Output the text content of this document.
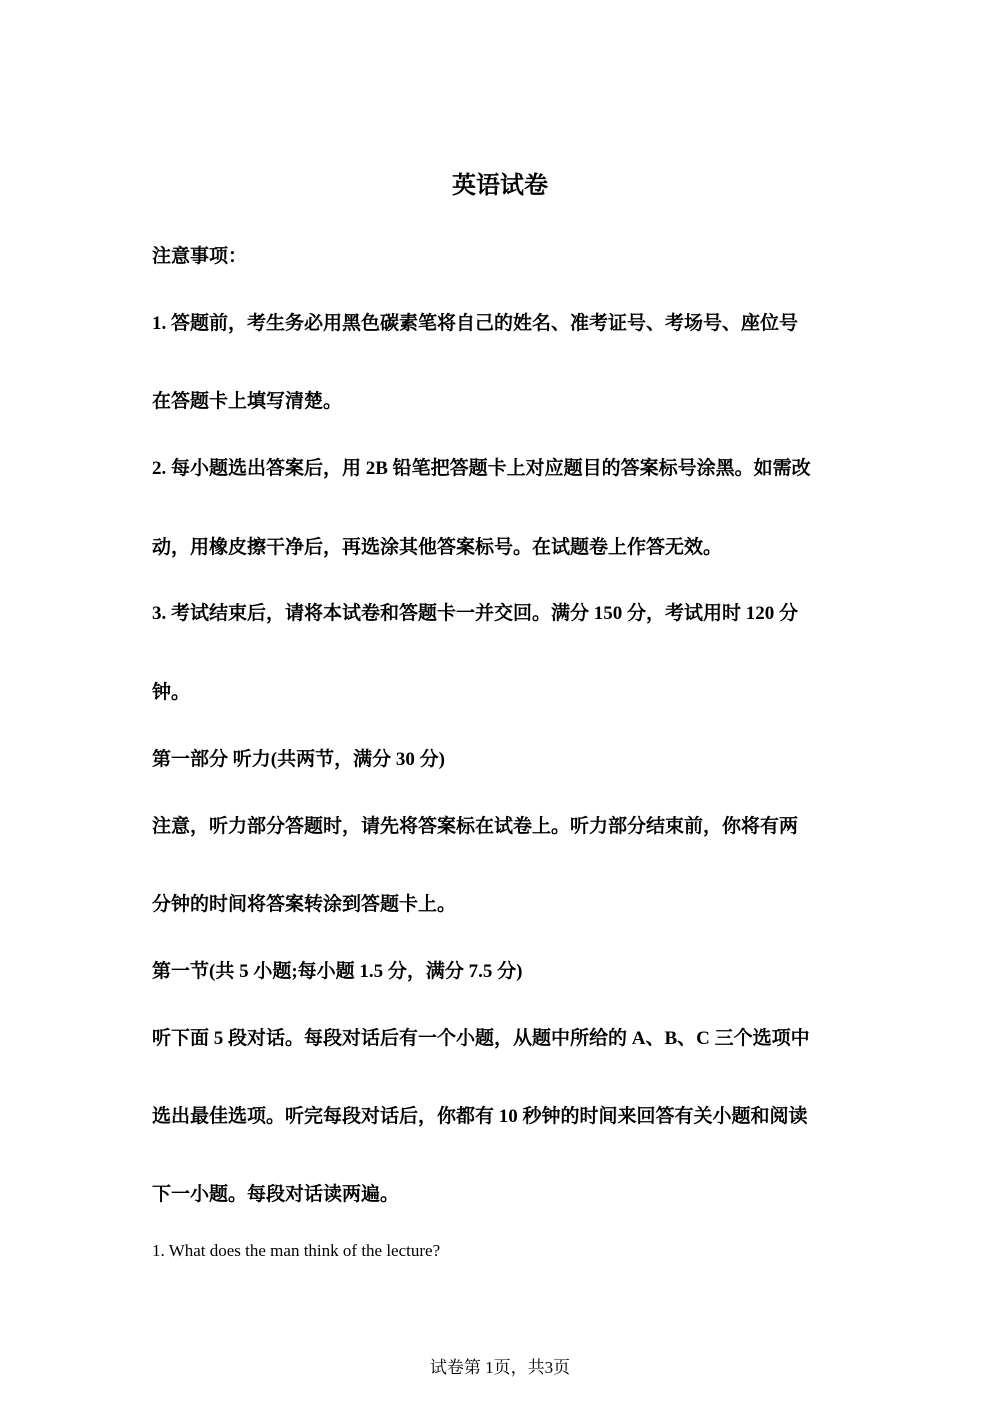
英语试卷
注意事项：
1. 答题前，考生务必用黑色碳素笔将自己的姓名、准考证号、考场号、座位号
在答题卡上填写清楚。
2. 每小题选出答案后，用 2B 铅笔把答题卡上对应题目的答案标号涂黑。如需改
动，用橡皮擦干净后，再选涂其他答案标号。在试题卷上作答无效。
3. 考试结束后，请将本试卷和答题卡一并交回。满分 150 分，考试用时 120 分
钟。
第一部分 听力(共两节，满分 30 分)
注意，听力部分答题时，请先将答案标在试卷上。听力部分结束前，你将有两
分钟的时间将答案转涂到答题卡上。
第一节(共 5 小题;每小题 1.5 分，满分 7.5 分)
听下面 5 段对话。每段对话后有一个小题，从题中所给的 A、B、C 三个选项中
选出最佳选项。听完每段对话后，你都有 10 秒钟的时间来回答有关小题和阅读
下一小题。每段对话读两遍。
1. What does the man think of the lecture?
试卷第 1页，共3页
